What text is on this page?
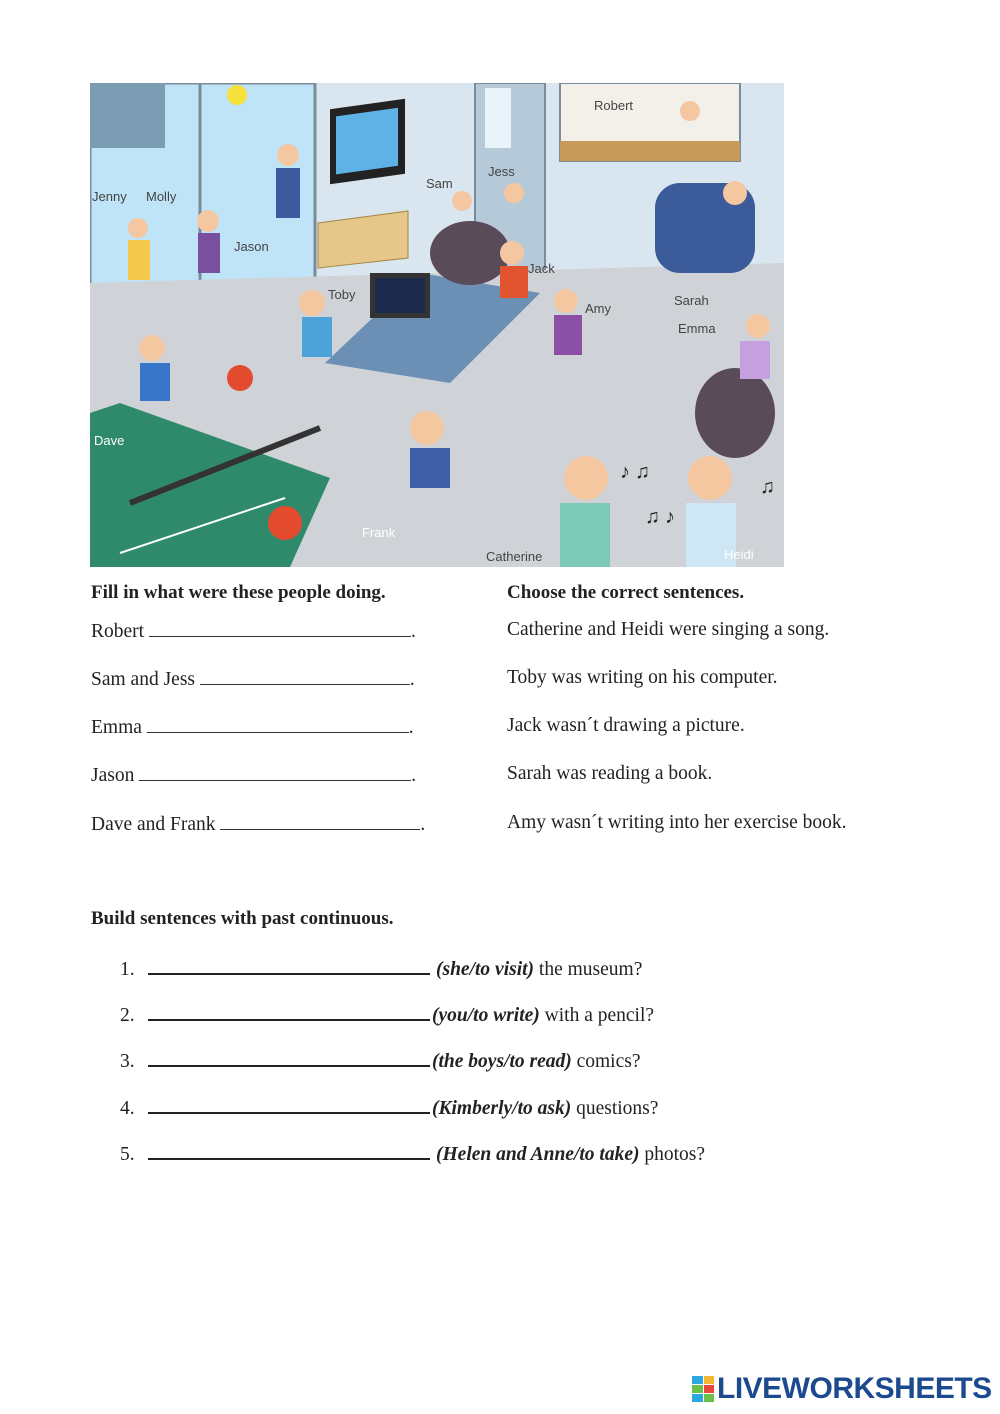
♪ ♫
♫ ♪
♫
Robert
Jenny Molly
Jason
Sam
Jess
Jack
Toby
Amy
Sarah
Emma
Dave
Frank
Catherine	Heidi
Fill in what were these people doing.
Robert	.
Sam and Jess	.
Emma	.
Jason	.
Dave and Frank	.
Choose the correct sentences.
Catherine and Heidi were singing a song.
Toby was writing on his computer.
Jack wasn´t drawing a picture.
Sarah was reading a book.
Amy wasn´t writing into her exercise book.
Build sentences with past continuous.
1.	(she/to visit) the museum?
2.	(you/to write) with a pencil?
3.	(the boys/to read) comics?
4.	(Kimberly/to ask) questions?
5.	(Helen and Anne/to take) photos?
LIVEWORKSHEETS
